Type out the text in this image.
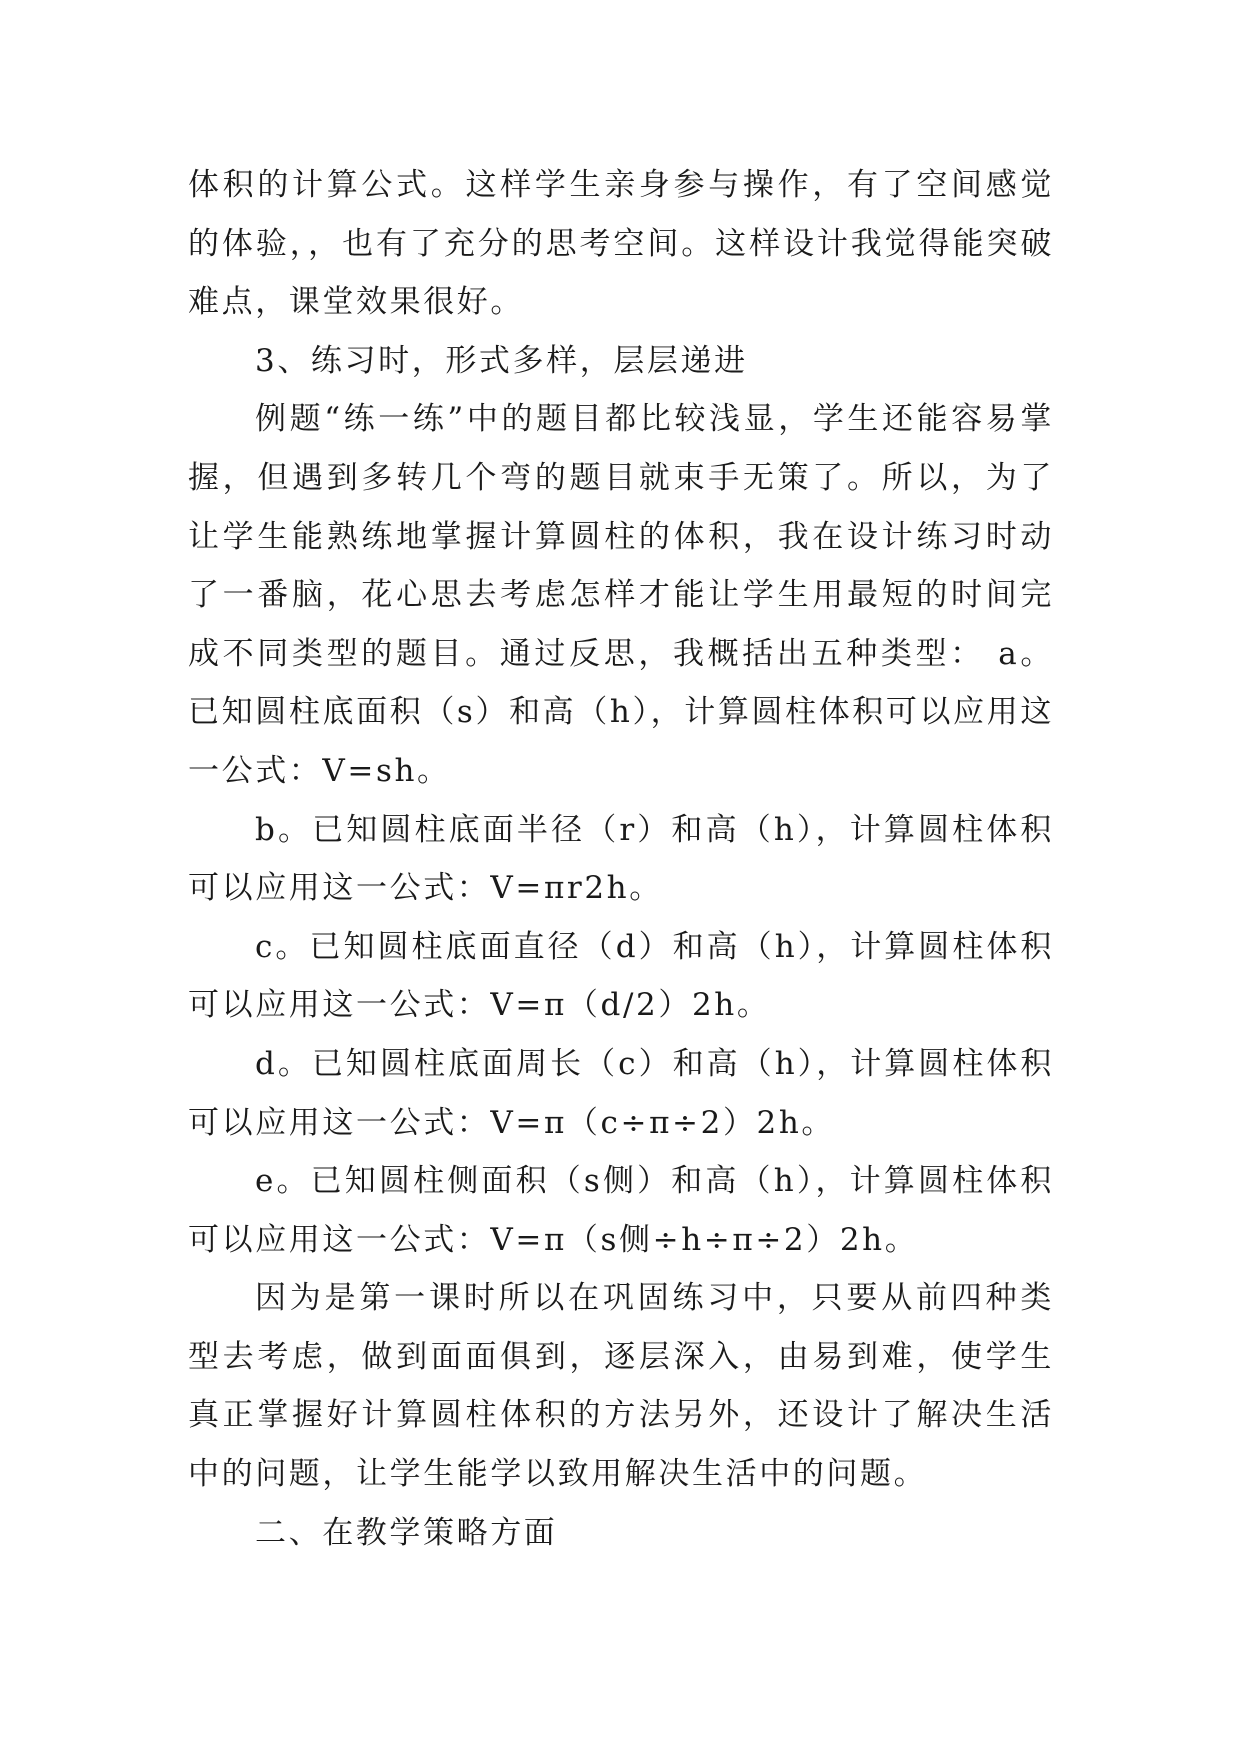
体积的计算公式。这样学生亲身参与操作，有了空间感觉的体验，，也有了充分的思考空间。这样设计我觉得能突破难点，课堂效果很好。

3、练习时，形式多样，层层递进

例题“练一练”中的题目都比较浅显，学生还能容易掌握，但遇到多转几个弯的题目就束手无策了。所以，为了让学生能熟练地掌握计算圆柱的体积，我在设计练习时动了一番脑，花心思去考虑怎样才能让学生用最短的时间完成不同类型的题目。通过反思，我概括出五种类型： a。已知圆柱底面积（s）和高（h），计算圆柱体积可以应用这一公式：V=sh。

b。已知圆柱底面半径（r）和高（h），计算圆柱体积可以应用这一公式：V=πr2h。

c。已知圆柱底面直径（d）和高（h），计算圆柱体积可以应用这一公式：V=π（d/2）2h。

d。已知圆柱底面周长（c）和高（h），计算圆柱体积可以应用这一公式：V=π（c÷π÷2）2h。

e。已知圆柱侧面积（s侧）和高（h），计算圆柱体积可以应用这一公式：V=π（s侧÷h÷π÷2）2h。

因为是第一课时所以在巩固练习中，只要从前四种类型去考虑，做到面面俱到，逐层深入，由易到难，使学生真正掌握好计算圆柱体积的方法另外，还设计了解决生活中的问题，让学生能学以致用解决生活中的问题。

二、在教学策略方面
